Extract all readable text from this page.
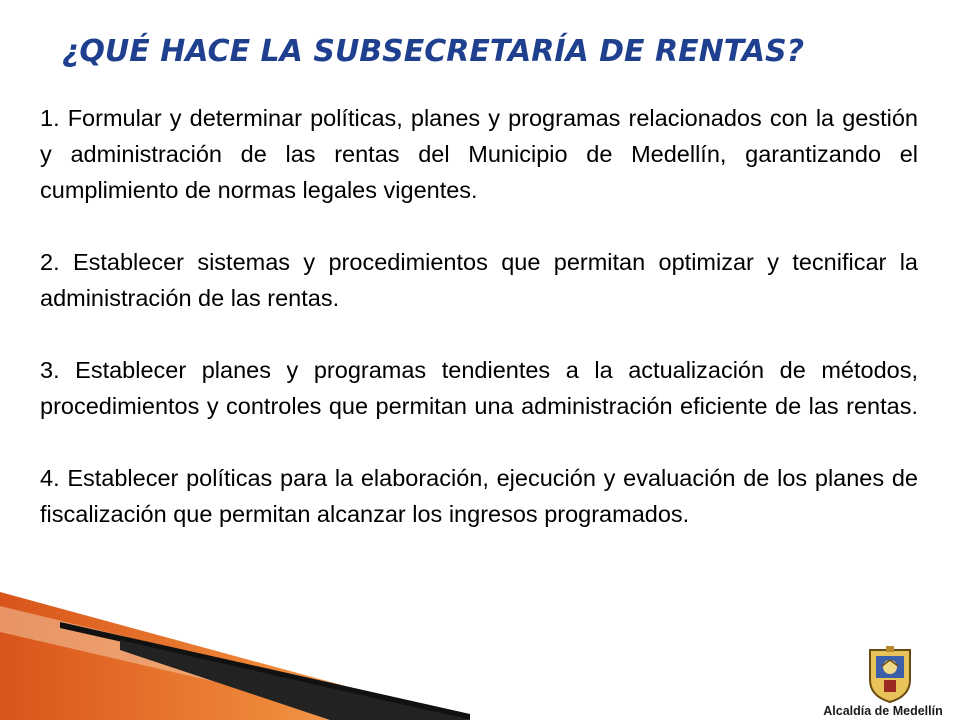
¿QUÉ HACE LA SUBSECRETARÍA DE RENTAS?

1. Formular y determinar políticas, planes y programas relacionados con la gestión y administración de las rentas del Municipio de Medellín, garantizando el cumplimiento de normas legales vigentes.

2. Establecer sistemas y procedimientos que permitan optimizar y tecnificar la administración de las rentas.

3. Establecer planes y programas tendientes a la actualización de métodos, procedimientos y controles que permitan una administración eficiente de las rentas.

4. Establecer políticas para la elaboración, ejecución y evaluación de los planes de fiscalización que permitan alcanzar los ingresos programados.

Alcaldía de Medellín
